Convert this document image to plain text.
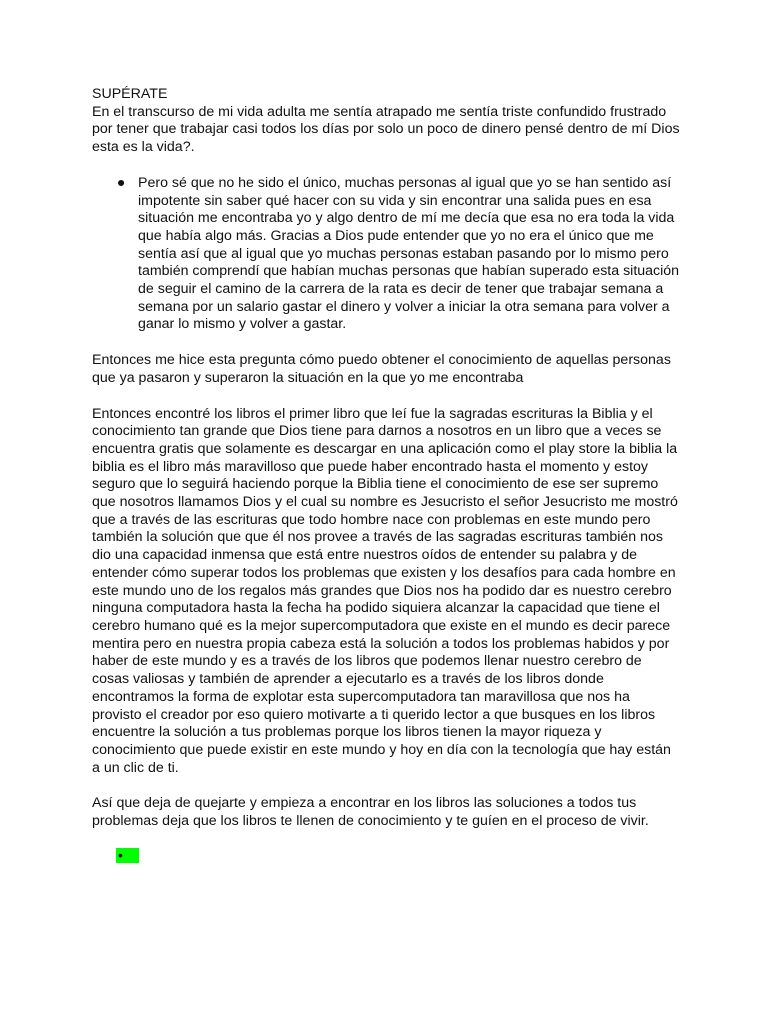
SUPÉRATE

En el transcurso de mi vida adulta me sentía atrapado me sentía triste confundido frustrado por tener que trabajar casi todos los días por solo un poco de dinero pensé dentro de mí Dios esta es la vida?.

● Pero sé que no he sido el único, muchas personas al igual que yo se han sentido así impotente sin saber qué hacer con su vida y sin encontrar una salida pues en esa situación me encontraba yo y algo dentro de mí me decía que esa no era toda la vida que había algo más. Gracias a Dios pude entender que yo no era el único que me sentía así que al igual que yo muchas personas estaban pasando por lo mismo pero también comprendí que habían muchas personas que habían superado esta situación de seguir el camino de la carrera de la rata es decir de tener que trabajar semana a semana por un salario gastar el dinero y volver a iniciar la otra semana para volver a ganar lo mismo y volver a gastar.

Entonces me hice esta pregunta cómo puedo obtener el conocimiento de aquellas personas que ya pasaron y superaron la situación en la que yo me encontraba

Entonces encontré los libros el primer libro que leí fue la sagradas escrituras la Biblia y el conocimiento tan grande que Dios tiene para darnos a nosotros en un libro que a veces se encuentra gratis que solamente es descargar en una aplicación como el play store la biblia la biblia es el libro más maravilloso que puede haber encontrado hasta el momento y estoy seguro que lo seguirá haciendo porque la Biblia tiene el conocimiento de ese ser supremo que nosotros llamamos Dios y el cual su nombre es Jesucristo el señor Jesucristo me mostró que a través de las escrituras que todo hombre nace con problemas en este mundo pero también la solución que que él nos provee a través de las sagradas escrituras también nos dio una capacidad inmensa que está entre nuestros oídos de entender su palabra y de entender cómo superar todos los problemas que existen y los desafíos para cada hombre en este mundo uno de los regalos más grandes que Dios nos ha podido dar es nuestro cerebro ninguna computadora hasta la fecha ha podido siquiera alcanzar la capacidad que tiene el cerebro humano qué es la mejor supercomputadora que existe en el mundo es decir parece mentira pero en nuestra propia cabeza está la solución a todos los problemas habidos y por haber de este mundo y es a través de los libros que podemos llenar nuestro cerebro de cosas valiosas y también de aprender a ejecutarlo es a través de los libros donde encontramos la forma de explotar esta supercomputadora tan maravillosa que nos ha provisto el creador por eso quiero motivarte a ti querido lector a que busques en los libros encuentre la solución a tus problemas porque los libros tienen la mayor riqueza y conocimiento que puede existir en este mundo y hoy en día con la tecnología que hay están a un clic de ti.

Así que deja de quejarte y empieza a encontrar en los libros las soluciones a todos tus problemas deja que los libros te llenen de conocimiento y te guíen en el proceso de vivir.

•
